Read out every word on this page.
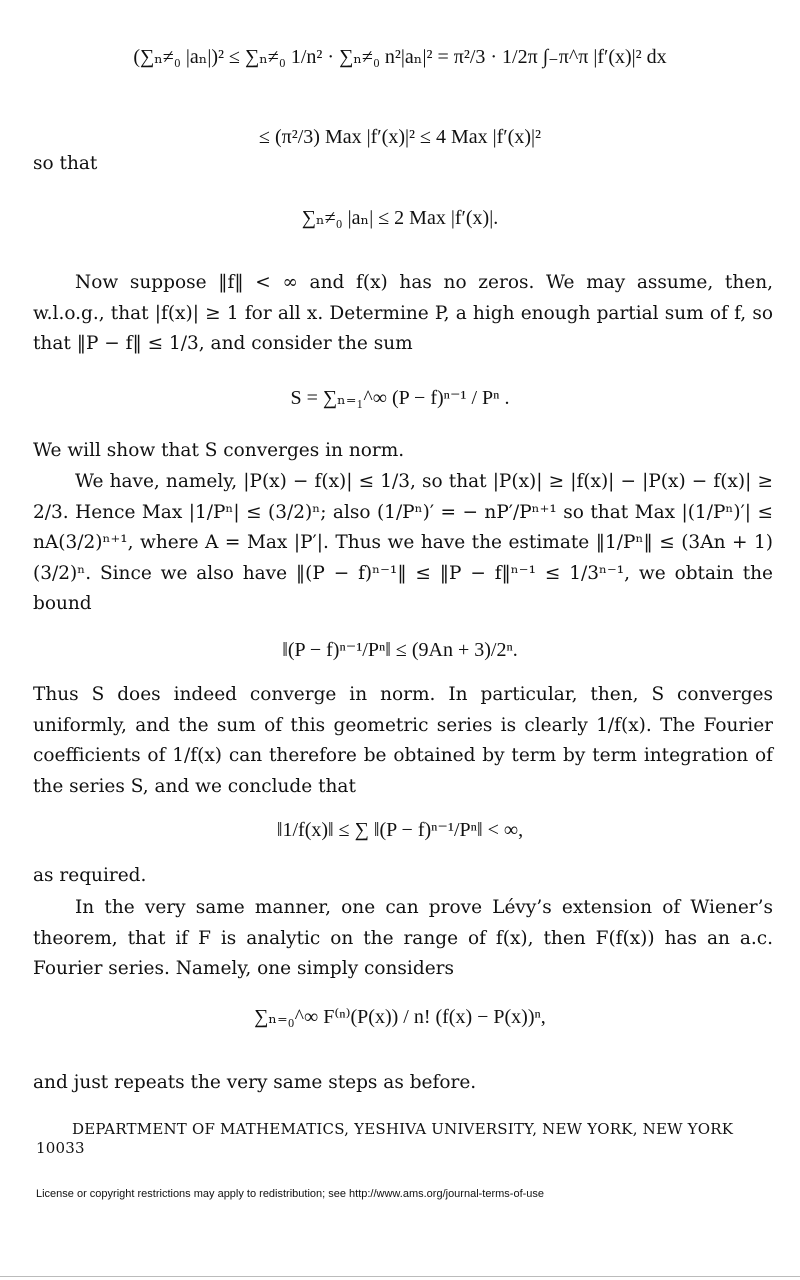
(∑ₙ≠₀ |aₙ|)² ≤ ∑ₙ≠₀ 1/n² · ∑ₙ≠₀ n²|aₙ|² = π²/3 · 1/2π ∫₋π^π |f′(x)|² dx
≤ (π²/3) Max |f′(x)|² ≤ 4 Max |f′(x)|²
so that
∑ₙ≠₀ |aₙ| ≤ 2 Max |f′(x)|.
Now suppose ‖f‖ < ∞ and f(x) has no zeros. We may assume, then, w.l.o.g., that |f(x)| ≥ 1 for all x. Determine P, a high enough partial sum of f, so that ‖P − f‖ ≤ 1/3, and consider the sum
S = ∑ₙ₌₁^∞ (P − f)ⁿ⁻¹ / Pⁿ .
We will show that S converges in norm.
We have, namely, |P(x) − f(x)| ≤ 1/3, so that |P(x)| ≥ |f(x)| − |P(x) − f(x)| ≥ 2/3. Hence Max |1/Pⁿ| ≤ (3/2)ⁿ; also (1/Pⁿ)′ = − nP′/Pⁿ⁺¹ so that Max |(1/Pⁿ)′| ≤ nA(3/2)ⁿ⁺¹, where A = Max |P′|. Thus we have the estimate ‖1/Pⁿ‖ ≤ (3An + 1)(3/2)ⁿ. Since we also have ‖(P − f)ⁿ⁻¹‖ ≤ ‖P − f‖ⁿ⁻¹ ≤ 1/3ⁿ⁻¹, we obtain the bound
‖(P − f)ⁿ⁻¹/Pⁿ‖ ≤ (9An + 3)/2ⁿ.
Thus S does indeed converge in norm. In particular, then, S converges uniformly, and the sum of this geometric series is clearly 1/f(x). The Fourier coefficients of 1/f(x) can therefore be obtained by term by term integration of the series S, and we conclude that
‖1/f(x)‖ ≤ ∑ ‖(P − f)ⁿ⁻¹/Pⁿ‖ < ∞,
as required.
In the very same manner, one can prove Lévy’s extension of Wiener’s theorem, that if F is analytic on the range of f(x), then F(f(x)) has an a.c. Fourier series. Namely, one simply considers
∑ₙ₌₀^∞ F⁽ⁿ⁾(P(x)) / n! (f(x) − P(x))ⁿ,
and just repeats the very same steps as before.
DEPARTMENT OF MATHEMATICS, YESHIVA UNIVERSITY, NEW YORK, NEW YORK 10033
License or copyright restrictions may apply to redistribution; see http://www.ams.org/journal-terms-of-use
